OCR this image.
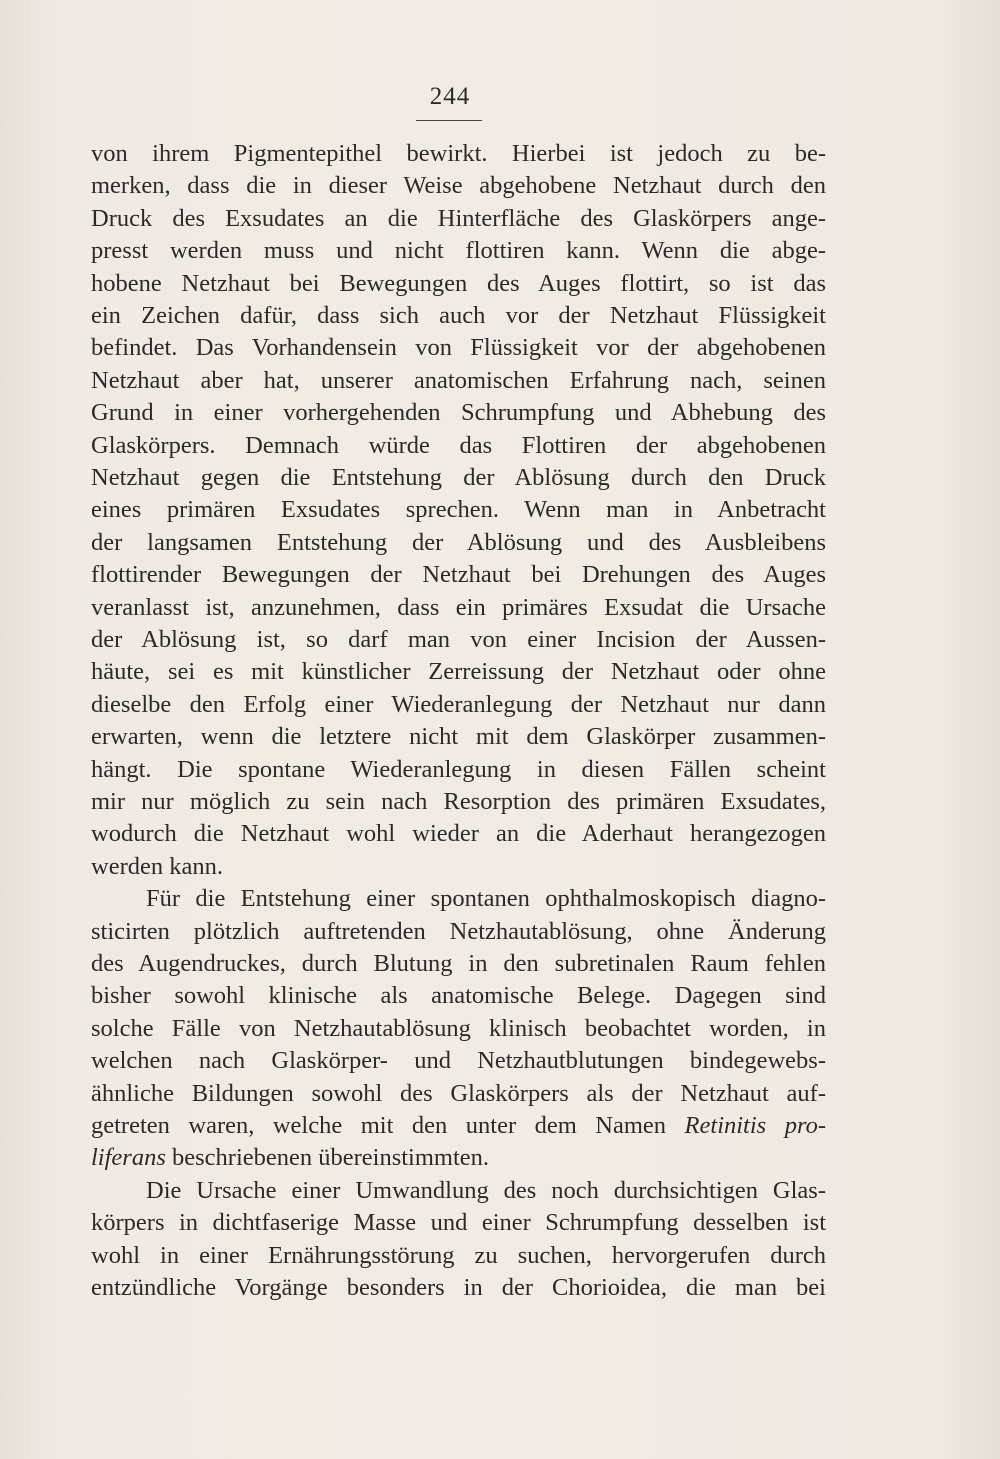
244
von ihrem Pigmentepithel bewirkt. Hierbei ist jedoch zu be-
merken, dass die in dieser Weise abgehobene Netzhaut durch den
Druck des Exsudates an die Hinterfläche des Glaskörpers ange-
presst werden muss und nicht flottiren kann. Wenn die abge-
hobene Netzhaut bei Bewegungen des Auges flottirt, so ist das
ein Zeichen dafür, dass sich auch vor der Netzhaut Flüssigkeit
befindet. Das Vorhandensein von Flüssigkeit vor der abgehobenen
Netzhaut aber hat, unserer anatomischen Erfahrung nach, seinen
Grund in einer vorhergehenden Schrumpfung und Abhebung des
Glaskörpers. Demnach würde das Flottiren der abgehobenen
Netzhaut gegen die Entstehung der Ablösung durch den Druck
eines primären Exsudates sprechen. Wenn man in Anbetracht
der langsamen Entstehung der Ablösung und des Ausbleibens
flottirender Bewegungen der Netzhaut bei Drehungen des Auges
veranlasst ist, anzunehmen, dass ein primäres Exsudat die Ursache
der Ablösung ist, so darf man von einer Incision der Aussen-
häute, sei es mit künstlicher Zerreissung der Netzhaut oder ohne
dieselbe den Erfolg einer Wiederanlegung der Netzhaut nur dann
erwarten, wenn die letztere nicht mit dem Glaskörper zusammen-
hängt. Die spontane Wiederanlegung in diesen Fällen scheint
mir nur möglich zu sein nach Resorption des primären Exsudates,
wodurch die Netzhaut wohl wieder an die Aderhaut herangezogen
werden kann.
Für die Entstehung einer spontanen ophthalmoskopisch diagno-
sticirten plötzlich auftretenden Netzhautablösung, ohne Änderung
des Augendruckes, durch Blutung in den subretinalen Raum fehlen
bisher sowohl klinische als anatomische Belege. Dagegen sind
solche Fälle von Netzhautablösung klinisch beobachtet worden, in
welchen nach Glaskörper- und Netzhautblutungen bindegewebs-
ähnliche Bildungen sowohl des Glaskörpers als der Netzhaut auf-
getreten waren, welche mit den unter dem Namen Retinitis pro-
liferans beschriebenen übereinstimmten.
Die Ursache einer Umwandlung des noch durchsichtigen Glas-
körpers in dichtfaserige Masse und einer Schrumpfung desselben ist
wohl in einer Ernährungsstörung zu suchen, hervorgerufen durch
entzündliche Vorgänge besonders in der Chorioidea, die man bei
